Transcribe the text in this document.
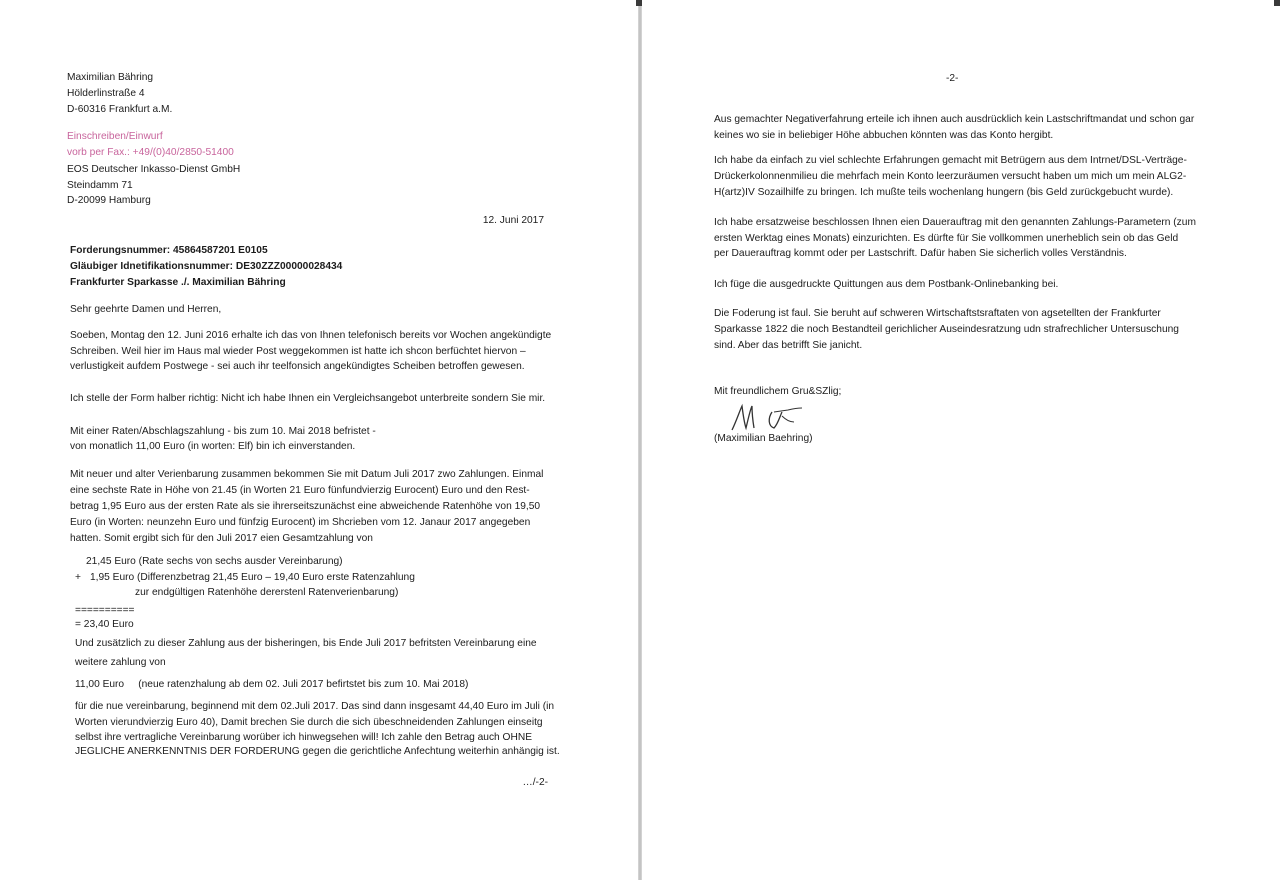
Maximilian Bähring
Hölderlinstraße 4
D-60316 Frankfurt a.M.
Einschreiben/Einwurf
vorb per Fax.: +49/(0)40/2850-51400
EOS Deutscher Inkasso-Dienst GmbH
Steindamm 71
D-20099 Hamburg
12. Juni 2017
Forderungsnummer: 45864587201 E0105
Gläubiger Idnetifikationsnummer: DE30ZZZ00000028434
Frankfurter Sparkasse ./. Maximilian Bähring
Sehr geehrte Damen und Herren,
Soeben, Montag den 12. Juni 2016 erhalte ich das von Ihnen telefonisch bereits vor Wochen angekündigte
Schreiben. Weil hier im Haus mal wieder Post weggekommen ist hatte ich shcon berfüchtet hiervon –
verlustigkeit aufdem Postwege - sei auch ihr teelfonsich angekündigtes Scheiben betroffen gewesen.
Ich stelle der Form halber richtig: Nicht ich habe Ihnen ein Vergleichsangebot unterbreite sondern Sie mir.
Mit einer Raten/Abschlagszahlung - bis zum 10. Mai 2018 befristet -
von monatlich 11,00 Euro (in worten: Elf) bin ich einverstanden.
Mit neuer und alter Verienbarung zusammen bekommen Sie mit Datum Juli 2017 zwo Zahlungen. Einmal
eine sechste Rate in Höhe von 21.45 (in Worten 21 Euro fünfundvierzig Eurocent) Euro und den Rest-
betrag 1,95 Euro aus der ersten Rate als sie ihrerseitszunächst eine abweichende Ratenhöhe von 19,50
Euro (in Worten: neunzehn Euro und fünfzig Eurocent) im Shcrieben vom 12. Janaur 2017 angegeben
hatten. Somit ergibt sich für den Juli 2017 eien Gesamtzahlung von
21,45 Euro (Rate sechs von sechs ausder Vereinbarung)
+ 1,95 Euro (Differenzbetrag 21,45 Euro – 19,40 Euro erste Ratenzahlung
zur endgültigen Ratenhöhe dererstenl Ratenverienbarung)
==========
= 23,40 Euro
Und zusätzlich zu dieser Zahlung aus der bisheringen, bis Ende Juli 2017 befritsten Vereinbarung eine
weitere zahlung von
11,00 Euro     (neue ratenzhalung ab dem 02. Juli 2017 befirtstet bis zum 10. Mai 2018)
für die nue vereinbarung, beginnend mit dem 02.Juli 2017. Das sind dann insgesamt 44,40 Euro im Juli (in
Worten vierundvierzig Euro 40), Damit brechen Sie durch die sich übeschneidenden Zahlungen einseitg
selbst ihre vertragliche Vereinbarung worüber ich hinwegsehen will! Ich zahle den Betrag auch OHNE
JEGLICHE ANERKENNTNIS DER FORDERUNG gegen die gerichtliche Anfechtung weiterhin anhängig ist.
…/-2-
-2-
Aus gemachter Negativerfahrung erteile ich ihnen auch ausdrücklich kein Lastschriftmandat und schon gar
keines wo sie in beliebiger Höhe abbuchen könnten was das Konto hergibt.
Ich habe da einfach zu viel schlechte Erfahrungen gemacht mit Betrügern aus dem Intrnet/DSL-Verträge-
Drückerkolonnenmilieu die mehrfach mein Konto leerzuräumen versucht haben um mich um mein ALG2-
H(artz)IV Sozailhilfe zu bringen. Ich mußte teils wochenlang hungern (bis Geld zurückgebucht wurde).
Ich habe ersatzweise beschlossen Ihnen eien Dauerauftrag mit den genannten Zahlungs-Parametern (zum
ersten Werktag eines Monats) einzurichten. Es dürfte für Sie vollkommen unerheblich sein ob das Geld
per Dauerauftrag kommt oder per Lastschrift. Dafür haben Sie sicherlich volles Verständnis.
Ich füge die ausgedruckte Quittungen aus dem Postbank-Onlinebanking bei.
Die Foderung ist faul. Sie beruht auf schweren Wirtschaftstsraftaten von agsetellten der Frankfurter
Sparkasse 1822 die noch Bestandteil gerichlicher Auseindesratzung udn strafrechlicher Untersuschung
sind. Aber das betrifft Sie janicht.
Mit freundlichem Gru&SZlig;
(Maximilian Baehring)
